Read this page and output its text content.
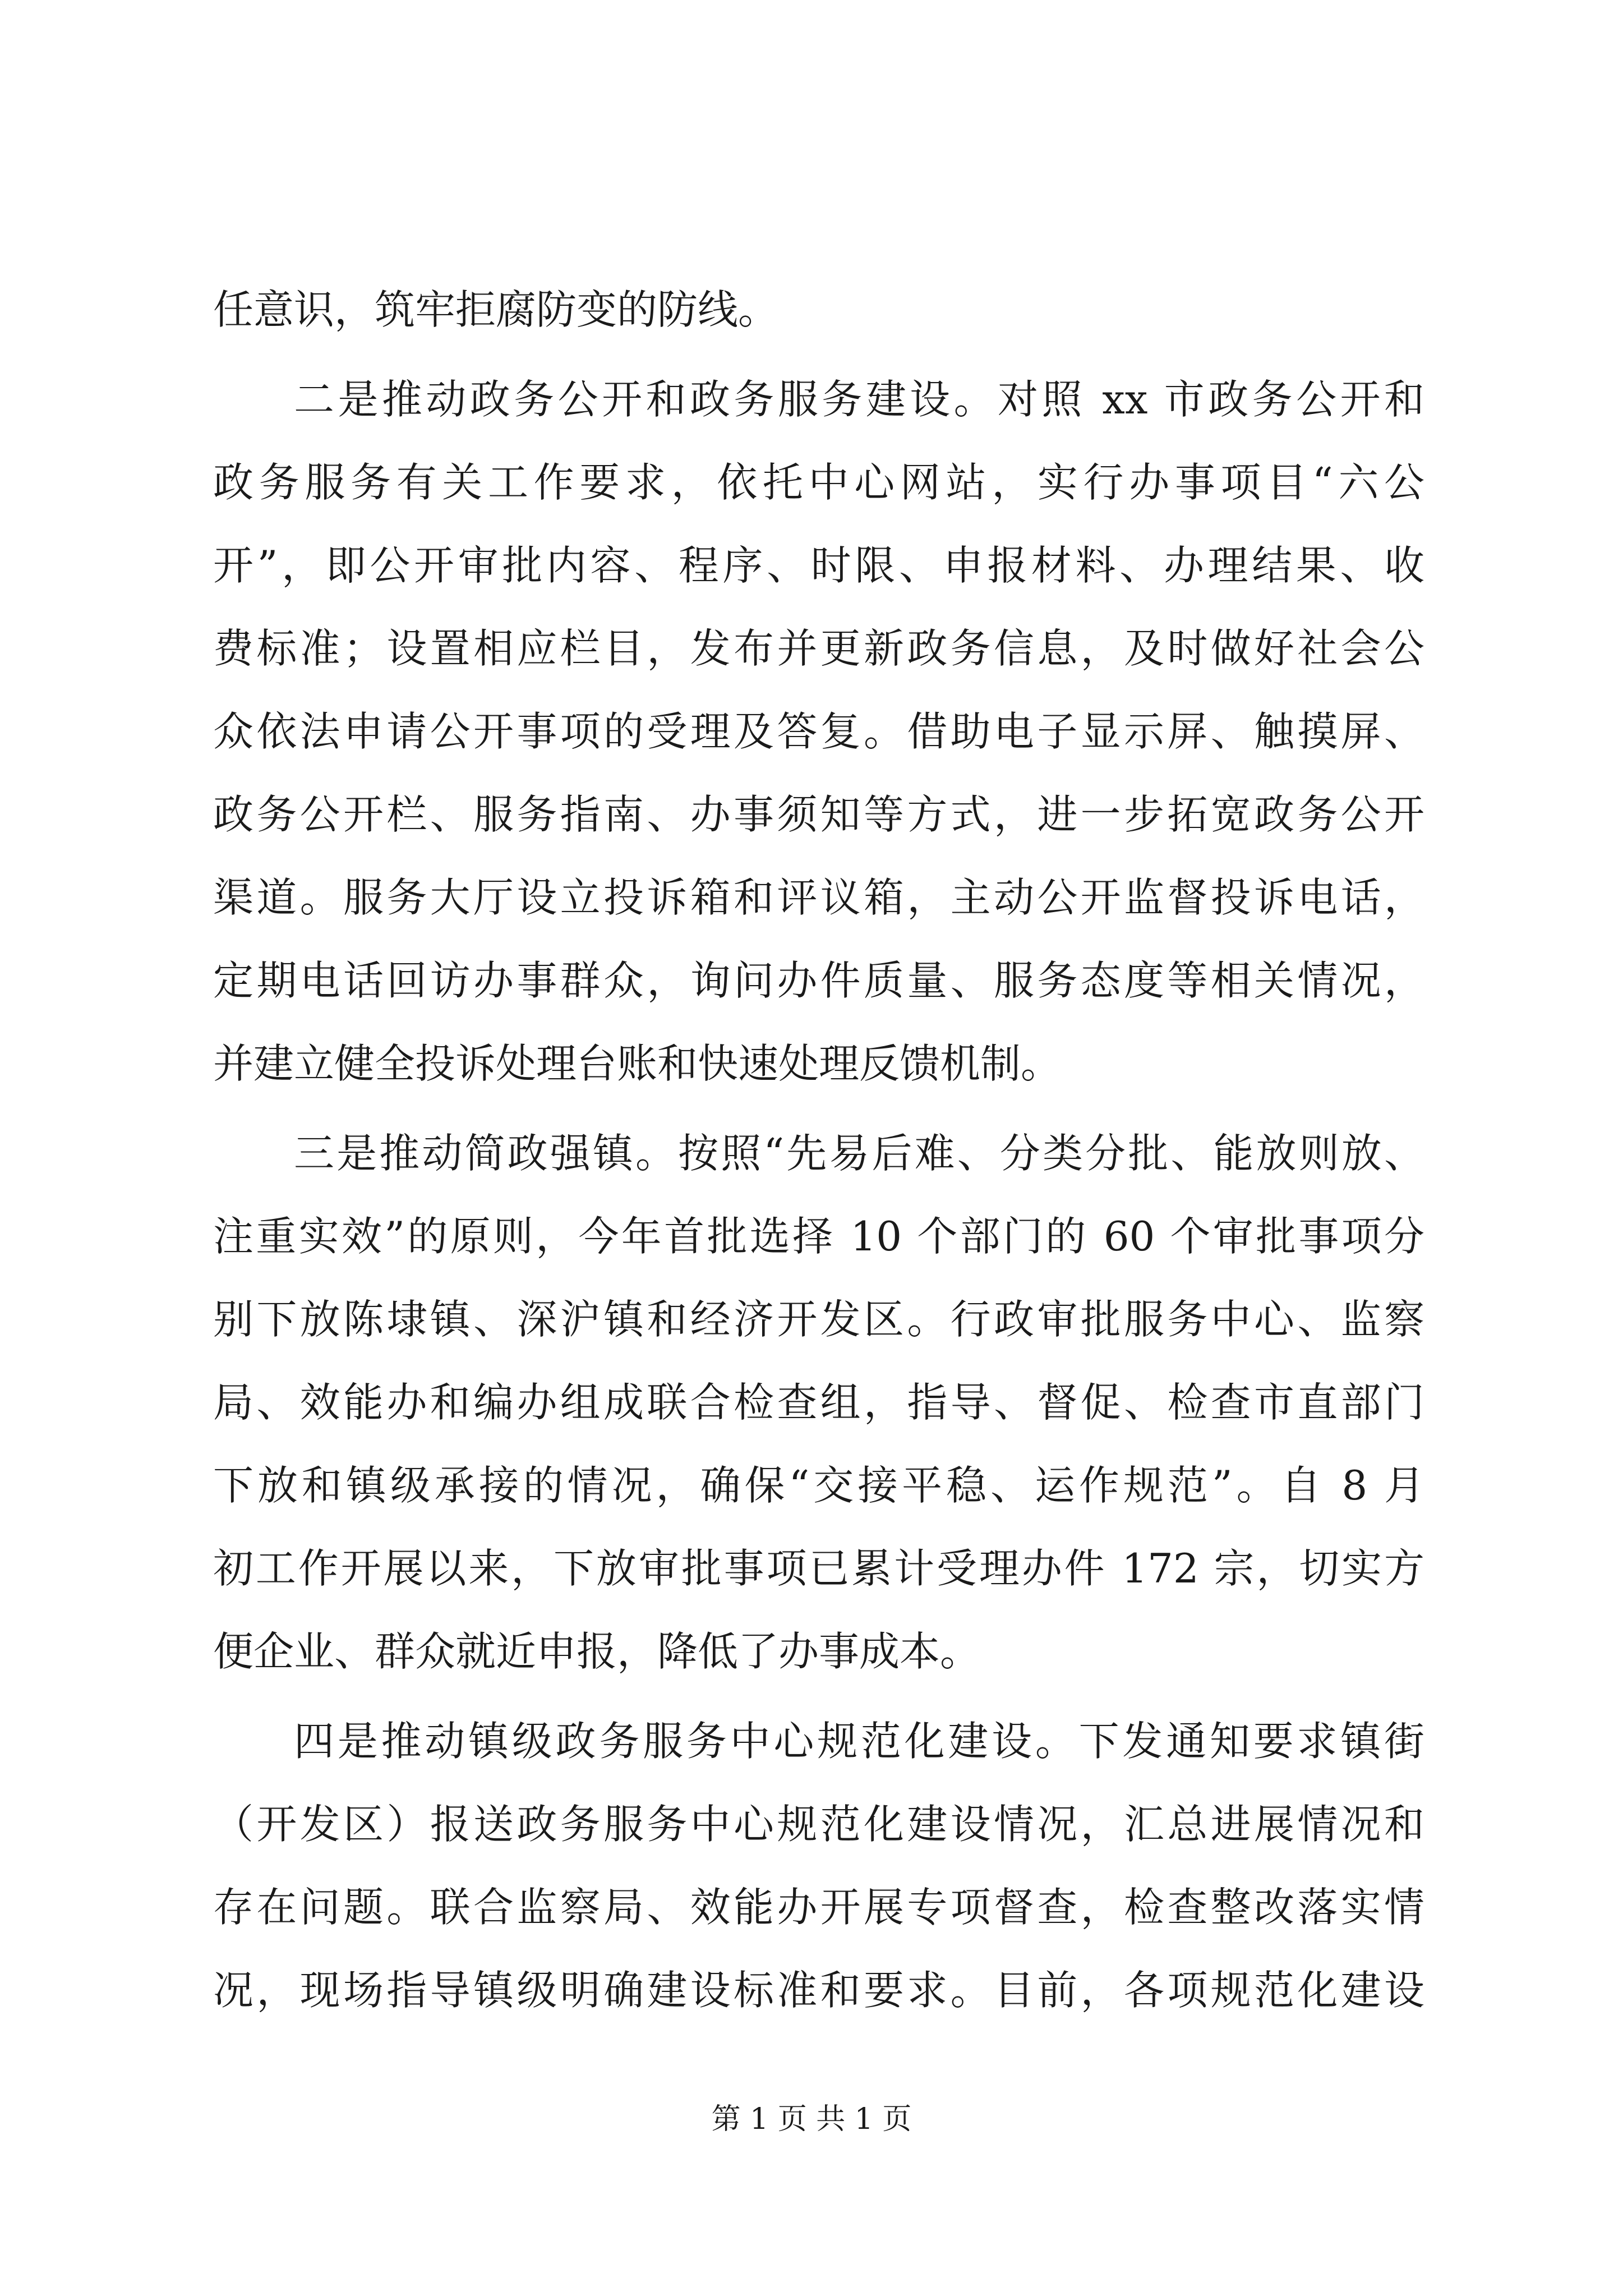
任意识，筑牢拒腐防变的防线。
二是推动政务公开和政务服务建设。对照 xx 市政务公开和
政务服务有关工作要求，依托中心网站，实行办事项目“六公
开”，即公开审批内容、程序、时限、申报材料、办理结果、收
费标准；设置相应栏目，发布并更新政务信息，及时做好社会公
众依法申请公开事项的受理及答复。借助电子显示屏、触摸屏、
政务公开栏、服务指南、办事须知等方式，进一步拓宽政务公开
渠道。服务大厅设立投诉箱和评议箱，主动公开监督投诉电话，
定期电话回访办事群众，询问办件质量、服务态度等相关情况，
并建立健全投诉处理台账和快速处理反馈机制。
三是推动简政强镇。按照“先易后难、分类分批、能放则放、
注重实效”的原则，今年首批选择 10 个部门的 60 个审批事项分
别下放陈埭镇、深沪镇和经济开发区。行政审批服务中心、监察
局、效能办和编办组成联合检查组，指导、督促、检查市直部门
下放和镇级承接的情况，确保“交接平稳、运作规范”。自 8 月
初工作开展以来，下放审批事项已累计受理办件 172 宗，切实方
便企业、群众就近申报，降低了办事成本。
四是推动镇级政务服务中心规范化建设。下发通知要求镇街
（开发区）报送政务服务中心规范化建设情况，汇总进展情况和
存在问题。联合监察局、效能办开展专项督查，检查整改落实情
况，现场指导镇级明确建设标准和要求。目前，各项规范化建设
第 1 页 共 1 页
